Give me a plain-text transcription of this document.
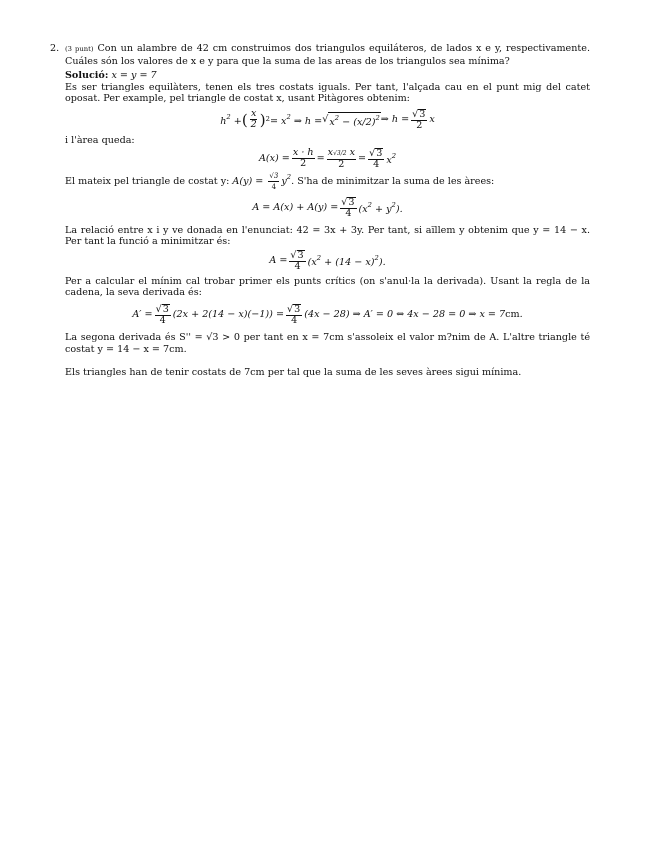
2. (3 punt) Con un alambre de 42 cm construimos dos triangulos equiláteros, de lados x e y, respectivamente. Cuáles són los valores de x e y para que la suma de las areas de los triangulos sea mínima?

Solució: x = y = 7

Es ser triangles equilàters, tenen els tres costats iguals. Per tant, l'alçada cau en el punt mig del catet oposat. Per example, pel triangle de costat x, usant Pitàgores obtenim:

$h^2$ + ( $\frac{x}{2}$ ) $2 = x^2$ ⇒ h = √ $x^2 - (x/2)^2$ ⇒ $h = \frac{√3}{2}$ x

i l'àrea queda:

$A(x) = \frac{x \cdot h}{2} = \frac{x√3/2 x}{2} = \frac{√3}{4} x^2$

El mateix pel triangle de costat y: $A(y) = \frac{√3}{4} y^2$. S'ha de minimitzar la suma de les àrees:

$A = A(x) + A(y) = \frac{√3}{4} (x^2 + y^2)$.

La relació entre x i y ve donada en l'enunciat: 42 = 3x + 3y. Per tant, si aïllem y obtenim que y = 14 − x. Per tant la funció a minimitzar és:

$A = \frac{√3}{4} (x^2 + (14 - x)^2)$.

Per a calcular el mínim cal trobar primer els punts crítics (on s'anul·la la derivada). Usant la regla de la cadena, la seva derivada és:

$A' = \frac{√3}{4} (2x + 2(14 - x)(-1)) = \frac{√3}{4} (4x - 28)$ ⇒ A′ = 0 ⇔ 4x − 28 = 0 ⇒ x = 7 cm.

La segona derivada és S'' = √3 > 0 per tant en x = 7cm s'assoleix el valor m?nim de A. L'altre triangle té costat y = 14 − x = 7cm.

Els triangles han de tenir costats de 7cm per tal que la suma de les seves àrees sigui mínima.
